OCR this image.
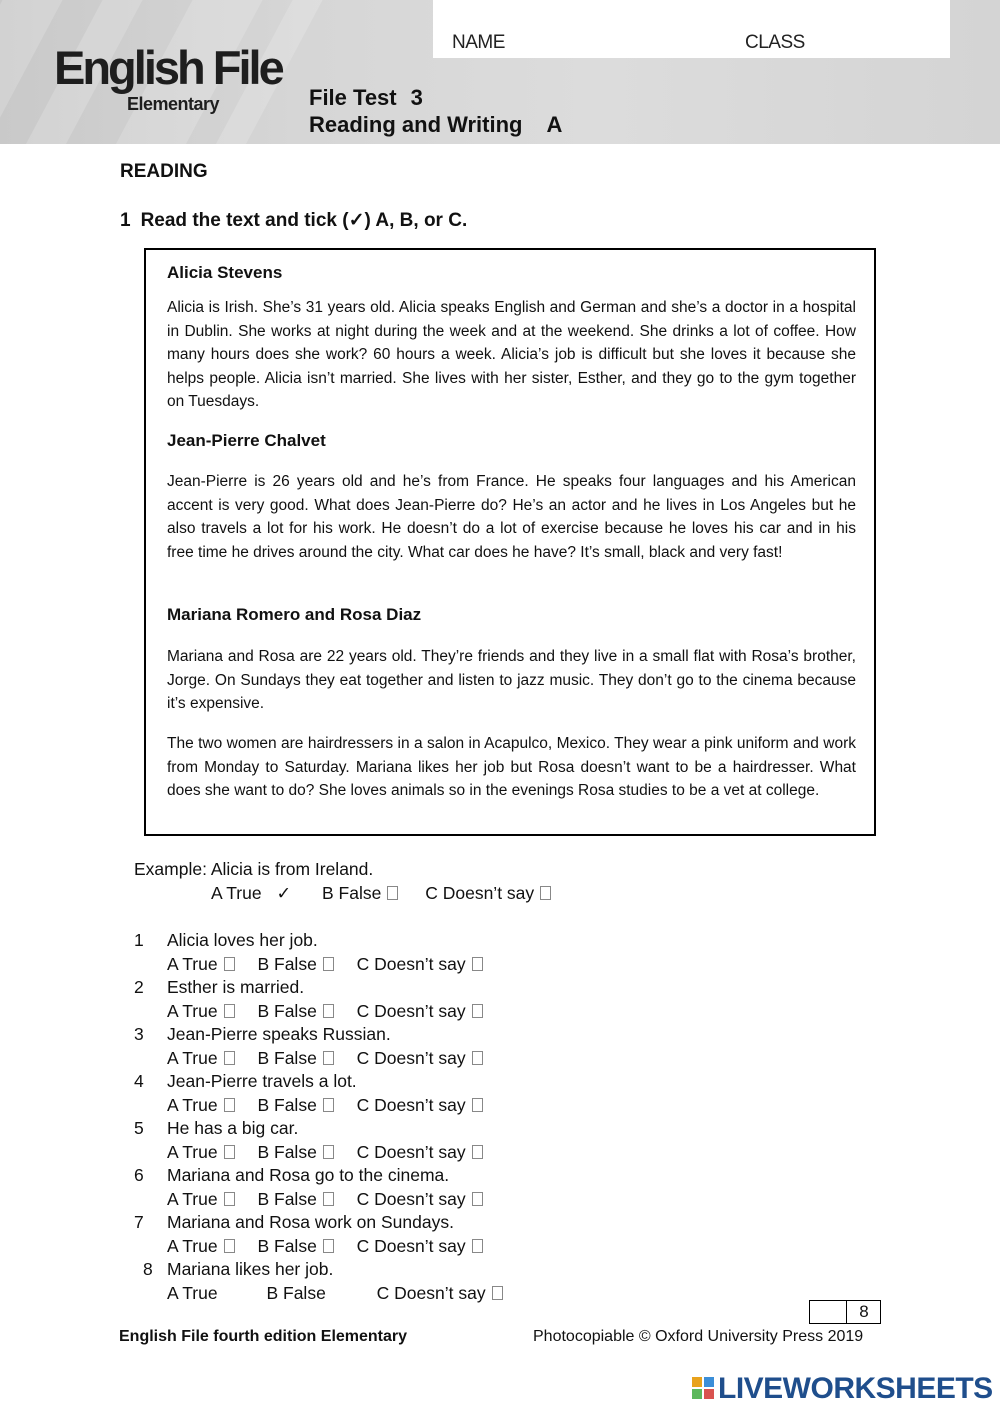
English File
Elementary
NAME	CLASS
File Test 3
Reading and Writing A
READING
1 Read the text and tick (✓) A, B, or C.
Alicia Stevens
Alicia is Irish. She’s 31 years old. Alicia speaks English and German and she’s a doctor in a hospital in Dublin. She works at night during the week and at the weekend. She drinks a lot of coffee. How many hours does she work? 60 hours a week. Alicia’s job is difficult but she loves it because she helps people. Alicia isn’t married. She lives with her sister, Esther, and they go to the gym together on Tuesdays.
Jean-Pierre Chalvet
Jean-Pierre is 26 years old and he’s from France. He speaks four languages and his American accent is very good. What does Jean-Pierre do? He’s an actor and he lives in Los Angeles but he also travels a lot for his work. He doesn’t do a lot of exercise because he loves his car and in his free time he drives around the city. What car does he have? It’s small, black and very fast!
Mariana Romero and Rosa Diaz
Mariana and Rosa are 22 years old. They’re friends and they live in a small flat with Rosa’s brother, Jorge. On Sundays they eat together and listen to jazz music. They don’t go to the cinema because it’s expensive.
The two women are hairdressers in a salon in Acapulco, Mexico. They wear a pink uniform and work from Monday to Saturday. Mariana likes her job but Rosa doesn’t want to be a hairdresser. What does she want to do? She loves animals so in the evenings Rosa studies to be a vet at college.
Example: Alicia is from Ireland.
A True ✓ B False	C Doesn’t say
1 Alicia loves her job.
A True B False C Doesn’t say
2 Esther is married.
A True B False C Doesn’t say
3 Jean-Pierre speaks Russian.
A True B False C Doesn’t say
4 Jean-Pierre travels a lot.
A True B False C Doesn’t say
5 He has a big car.
A True B False C Doesn’t say
6 Mariana and Rosa go to the cinema.
A True B False C Doesn’t say
7 Mariana and Rosa work on Sundays.
A True B False C Doesn’t say
8 Mariana likes her job.
A True	B False	C Doesn’t say
8
English File fourth edition Elementary	Photocopiable © Oxford University Press 2019
LIVEWORKSHEETS
